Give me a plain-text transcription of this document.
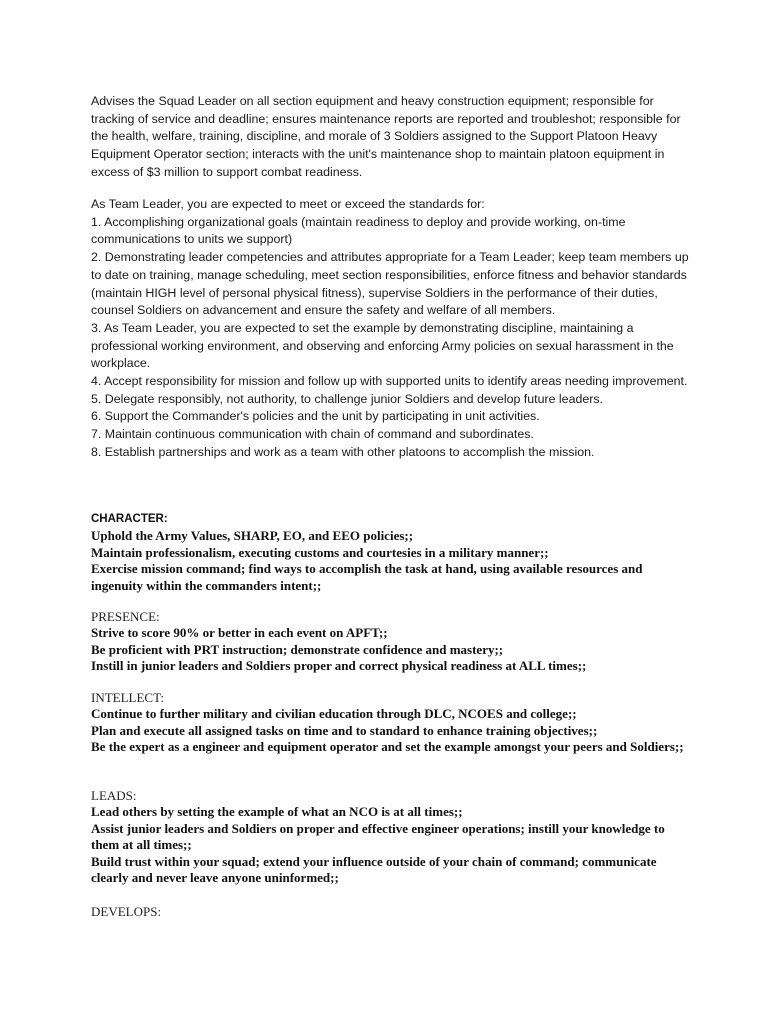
Advises the Squad Leader on all section equipment and heavy construction equipment; responsible for tracking of service and deadline; ensures maintenance reports are reported and troubleshot; responsible for the health, welfare, training, discipline, and morale of 3 Soldiers assigned to the Support Platoon Heavy Equipment Operator section; interacts with the unit's maintenance shop to maintain platoon equipment in excess of $3 million to support combat readiness.

As Team Leader, you are expected to meet or exceed the standards for:

1. Accomplishing organizational goals (maintain readiness to deploy and provide working, on-time communications to units we support)

2. Demonstrating leader competencies and attributes appropriate for a Team Leader; keep team members up to date on training, manage scheduling, meet section responsibilities, enforce fitness and behavior standards (maintain HIGH level of personal physical fitness), supervise Soldiers in the performance of their duties, counsel Soldiers on advancement and ensure the safety and welfare of all members.

3. As Team Leader, you are expected to set the example by demonstrating discipline, maintaining a professional working environment, and observing and enforcing Army policies on sexual harassment in the workplace.

4. Accept responsibility for mission and follow up with supported units to identify areas needing improvement.

5. Delegate responsibly, not authority, to challenge junior Soldiers and develop future leaders.

6. Support the Commander's policies and the unit by participating in unit activities.

7. Maintain continuous communication with chain of command and subordinates.

8. Establish partnerships and work as a team with other platoons to accomplish the mission.

CHARACTER:

Uphold the Army Values, SHARP, EO, and EEO policies;;

Maintain professionalism, executing customs and courtesies in a military manner;;

Exercise mission command; find ways to accomplish the task at hand, using available resources and ingenuity within the commanders intent;;

PRESENCE:

Strive to score 90% or better in each event on APFT;;

Be proficient with PRT instruction; demonstrate confidence and mastery;;

Instill in junior leaders and Soldiers proper and correct physical readiness at ALL times;;

INTELLECT:

Continue to further military and civilian education through DLC, NCOES and college;;

Plan and execute all assigned tasks on time and to standard to enhance training objectives;;

Be the expert as a engineer and equipment operator and set the example amongst your peers and Soldiers;;

LEADS:

Lead others by setting the example of what an NCO is at all times;;

Assist junior leaders and Soldiers on proper and effective engineer operations; instill your knowledge to them at all times;;

Build trust within your squad; extend your influence outside of your chain of command; communicate clearly and never leave anyone uninformed;;

DEVELOPS:
